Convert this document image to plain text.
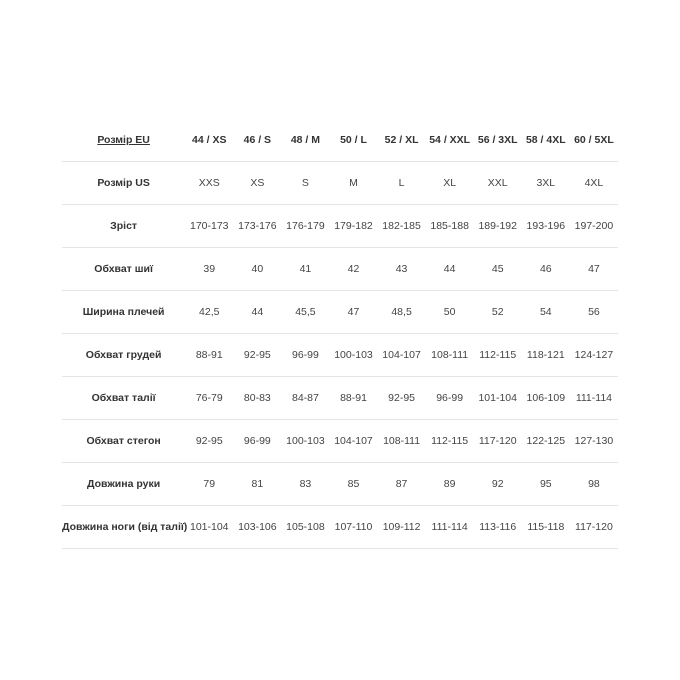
Розмір EU	44 / XS	46 / S	48 / M	50 / L	52 / XL	54 / XXL	56 / 3XL	58 / 4XL	60 / 5XL
Розмір US	XXS	XS	S	M	L	XL	XXL	3XL	4XL
Зріст	170-173	173-176	176-179	179-182	182-185	185-188	189-192	193-196	197-200
Обхват шиї	39	40	41	42	43	44	45	46	47
Ширина плечей	42,5	44	45,5	47	48,5	50	52	54	56
Обхват грудей	88-91	92-95	96-99	100-103	104-107	108-111	112-115	118-121	124-127
Обхват талії	76-79	80-83	84-87	88-91	92-95	96-99	101-104	106-109	111-114
Обхват стегон	92-95	96-99	100-103	104-107	108-111	112-115	117-120	122-125	127-130
Довжина руки	79	81	83	85	87	89	92	95	98
Довжина ноги (від талії)	101-104	103-106	105-108	107-110	109-112	111-114	113-116	115-118	117-120
